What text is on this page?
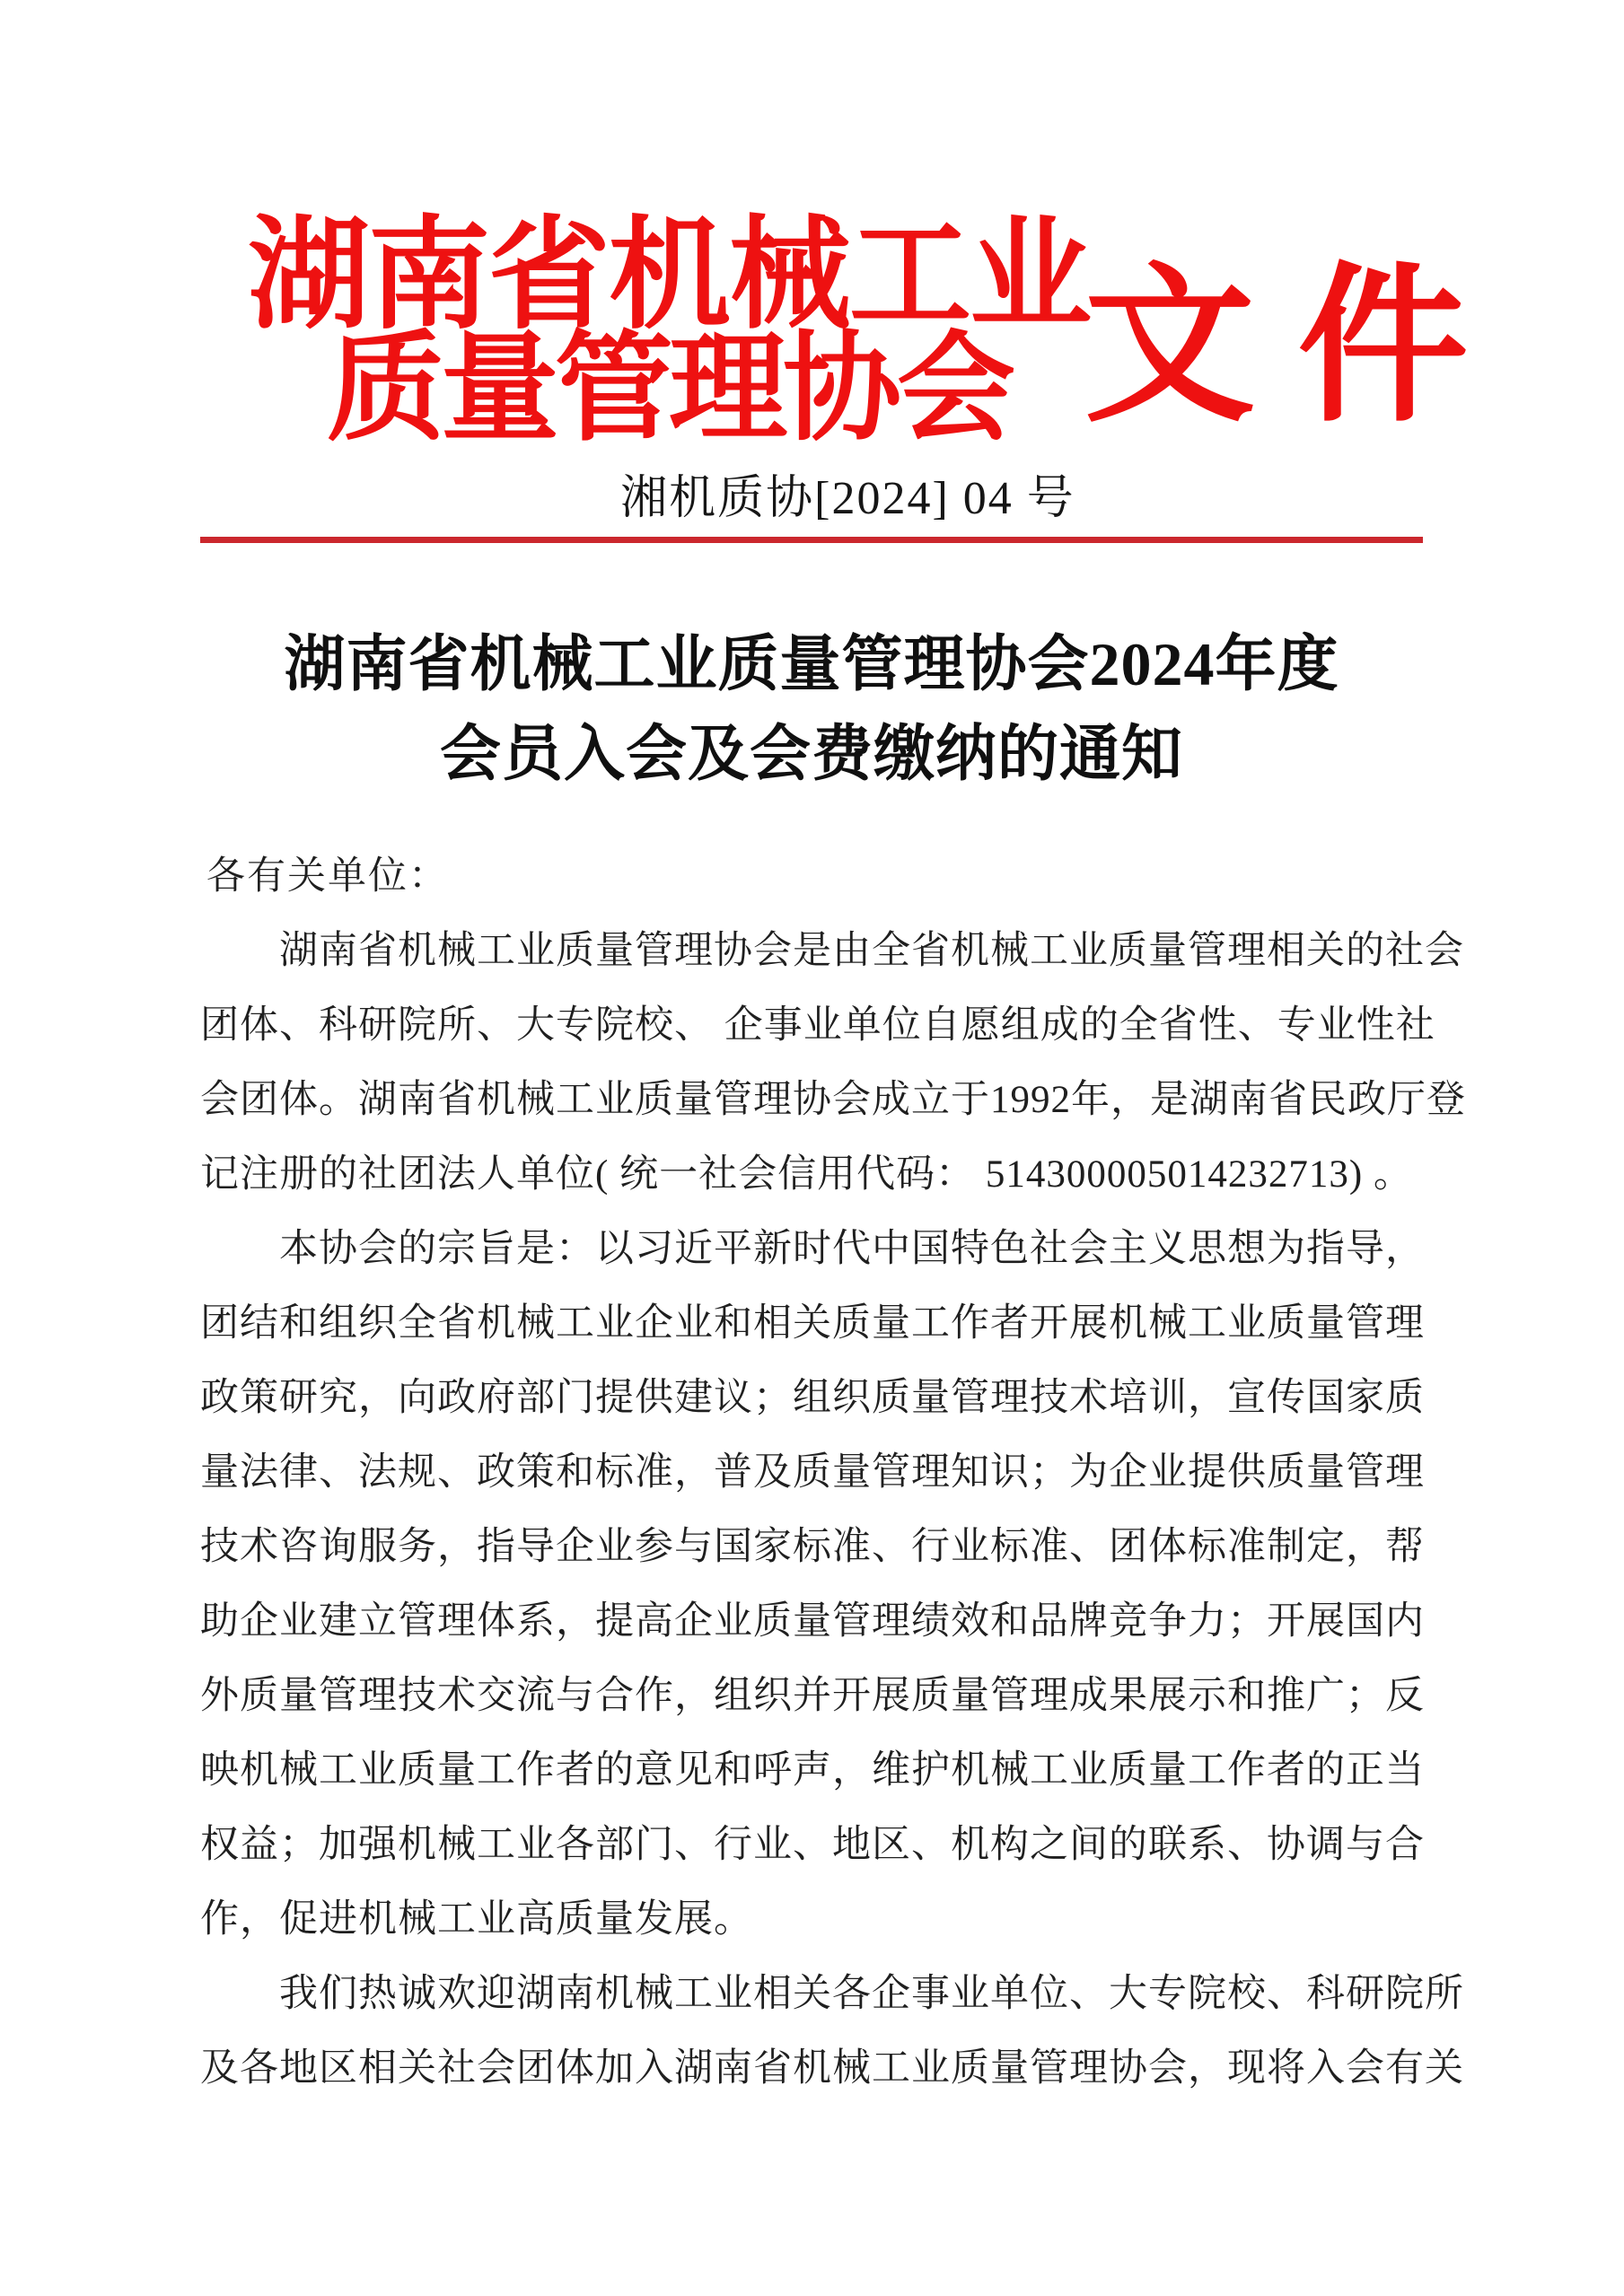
湖南省机械工业
质量管理协会 文 件
湘机质协[2024] 04 号
湖南省机械工业质量管理协会2024年度
会员入会及会费缴纳的通知
各有关单位：
湖南省机械工业质量管理协会是由全省机械工业质量管理相关的社会
团体、科研院所、大专院校、 企事业单位自愿组成的全省性、专业性社
会团体。湖南省机械工业质量管理协会成立于1992年，是湖南省民政厅登
记注册的社团法人单位( 统一社会信用代码： 514300005014232713) 。
本协会的宗旨是：以习近平新时代中国特色社会主义思想为指导，
团结和组织全省机械工业企业和相关质量工作者开展机械工业质量管理
政策研究，向政府部门提供建议；组织质量管理技术培训，宣传国家质
量法律、法规、政策和标准，普及质量管理知识；为企业提供质量管理
技术咨询服务，指导企业参与国家标准、行业标准、团体标准制定，帮
助企业建立管理体系，提高企业质量管理绩效和品牌竞争力；开展国内
外质量管理技术交流与合作，组织并开展质量管理成果展示和推广；反
映机械工业质量工作者的意见和呼声，维护机械工业质量工作者的正当
权益；加强机械工业各部门、行业、地区、机构之间的联系、协调与合
作，促进机械工业高质量发展。
我们热诚欢迎湖南机械工业相关各企事业单位、大专院校、科研院所
及各地区相关社会团体加入湖南省机械工业质量管理协会，现将入会有关
